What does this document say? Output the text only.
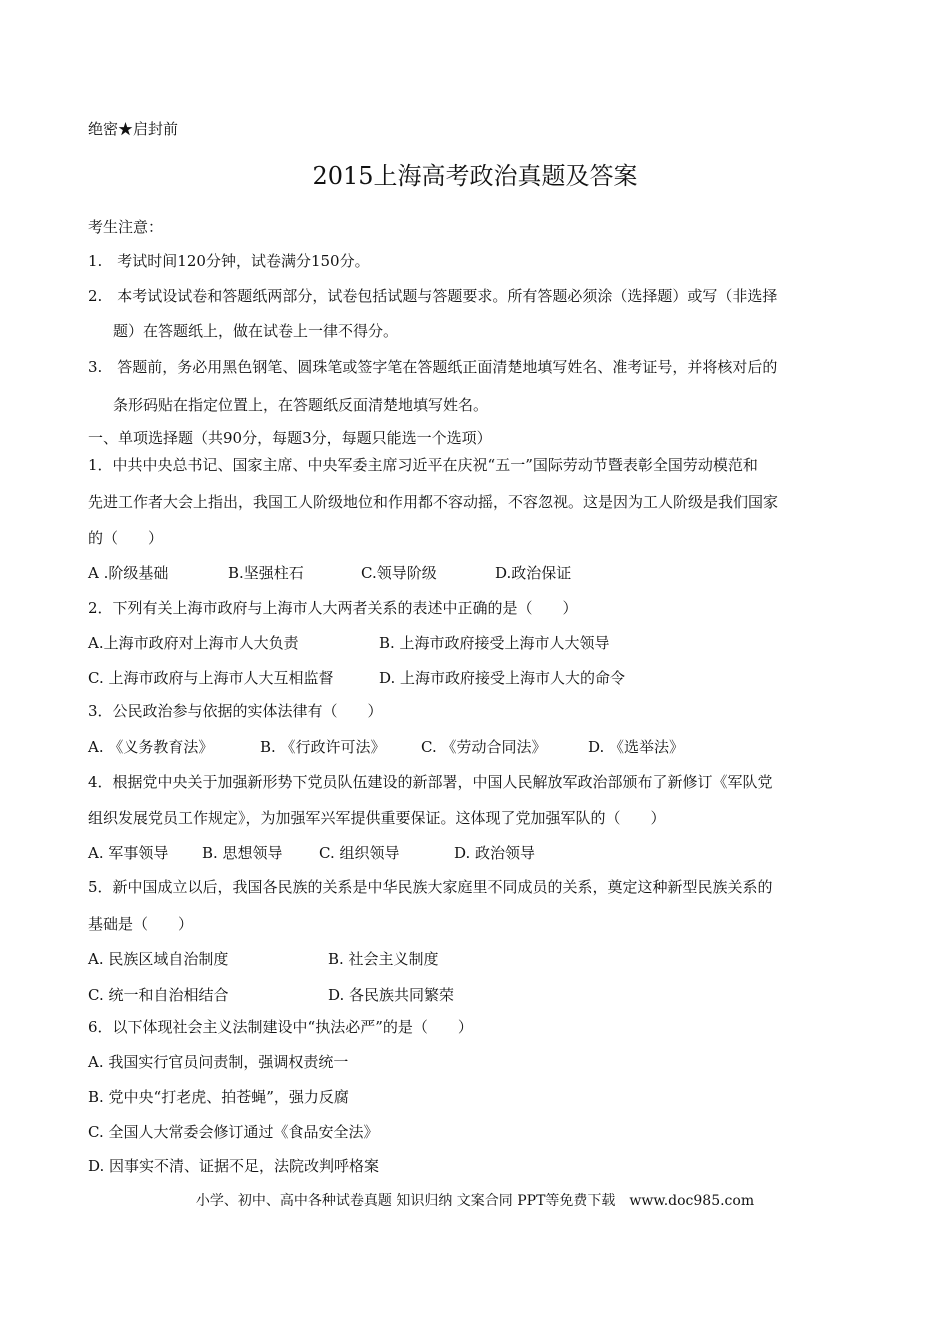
绝密★启封前
2015上海高考政治真题及答案
考生注意：
1.　考试时间120分钟，试卷满分150分。
2.　本考试设试卷和答题纸两部分，试卷包括试题与答题要求。所有答题必须涂（选择题）或写（非选择
题）在答题纸上，做在试卷上一律不得分。
3.　答题前，务必用黑色钢笔、圆珠笔或签字笔在答题纸正面清楚地填写姓名、准考证号，并将核对后的
条形码贴在指定位置上，在答题纸反面清楚地填写姓名。
一、单项选择题（共90分，每题3分，每题只能选一个选项）
1．中共中央总书记、国家主席、中央军委主席习近平在庆祝“五一”国际劳动节暨表彰全国劳动模范和
先进工作者大会上指出，我国工人阶级地位和作用都不容动摇，不容忽视。这是因为工人阶级是我们国家
的（　　）
A .阶级基础	B.坚强柱石	C.领导阶级	D.政治保证
2．下列有关上海市政府与上海市人大两者关系的表述中正确的是（　　）
A.上海市政府对上海市人大负责	B. 上海市政府接受上海市人大领导
C. 上海市政府与上海市人大互相监督	D. 上海市政府接受上海市人大的命令
3．公民政治参与依据的实体法律有（　　）
A. 《义务教育法》	B. 《行政许可法》 C. 《劳动合同法》	D. 《选举法》
4．根据党中央关于加强新形势下党员队伍建设的新部署，中国人民解放军政治部颁布了新修订《军队党
组织发展党员工作规定》，为加强军兴军提供重要保证。这体现了党加强军队的（　　）
A. 军事领导 B. 思想领导 C. 组织领导	D. 政治领导
5．新中国成立以后，我国各民族的关系是中华民族大家庭里不同成员的关系，奠定这种新型民族关系的
基础是（　　）
A. 民族区域自治制度	B. 社会主义制度
C. 统一和自治相结合	D. 各民族共同繁荣
6．以下体现社会主义法制建设中“执法必严”的是（　　）
A. 我国实行官员问责制，强调权责统一
B. 党中央“打老虎、拍苍蝇”，强力反腐
C. 全国人大常委会修订通过《食品安全法》
D. 因事实不清、证据不足，法院改判呼格案
小学、初中、高中各种试卷真题 知识归纳 文案合同 PPT等免费下载　www.doc985.com
